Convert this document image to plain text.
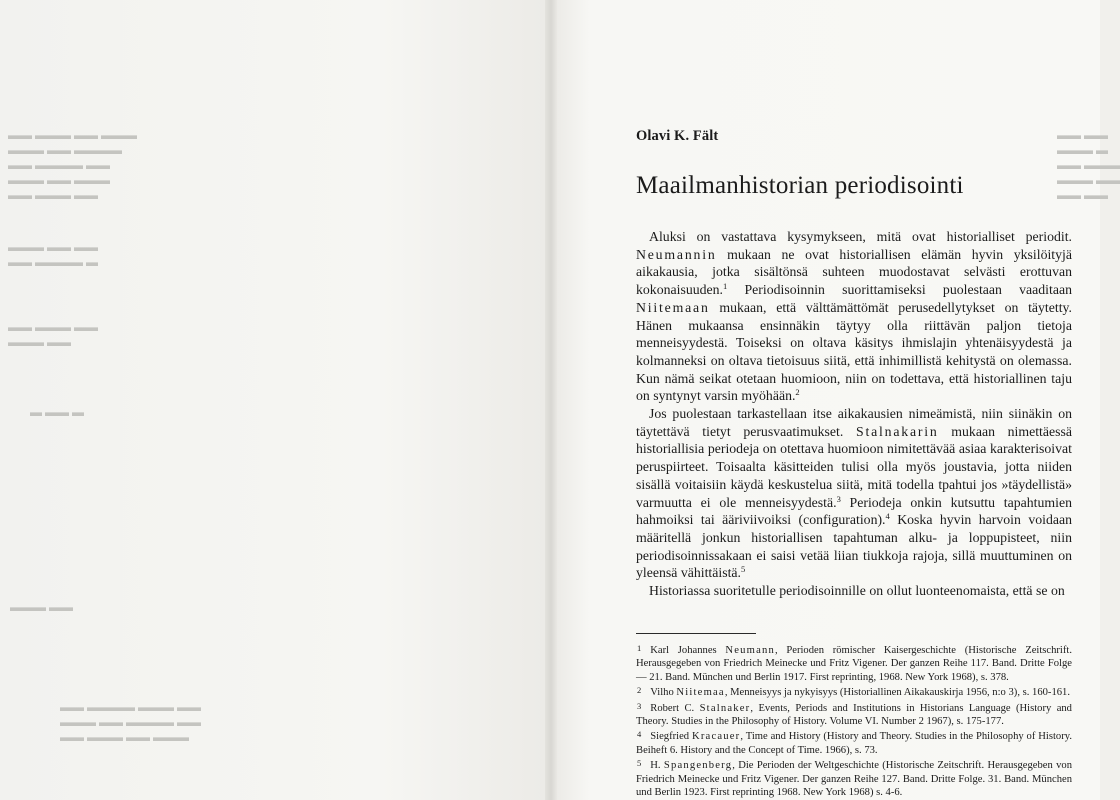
▬▬ ▬▬▬ ▬▬ ▬▬▬
▬▬▬ ▬▬ ▬▬▬▬
▬▬ ▬▬▬▬ ▬▬
▬▬▬ ▬▬ ▬▬▬
▬▬ ▬▬▬ ▬▬
▬▬▬ ▬▬ ▬▬
▬▬ ▬▬▬▬ ▬
▬▬ ▬▬▬ ▬▬
▬▬▬ ▬▬
▬ ▬▬ ▬
▬▬▬ ▬▬
▬▬ ▬▬▬▬ ▬▬▬ ▬▬
▬▬▬ ▬▬ ▬▬▬▬ ▬▬
▬▬ ▬▬▬ ▬▬ ▬▬▬
▬▬ ▬▬
▬▬▬ ▬
▬▬ ▬▬▬
▬▬▬ ▬▬
▬▬ ▬▬
Olavi K. Fält
Maailmanhistorian periodisointi

Aluksi on vastattava kysymykseen, mitä ovat historialliset periodit. Neumannin mukaan ne ovat historiallisen elämän hyvin yksilöityjä aikakausia, jotka sisältönsä suhteen muodostavat selvästi erottuvan kokonaisuuden.$^1$ Periodisoinnin suorittamiseksi puolestaan vaaditaan Niitemaan mukaan, että välttämättömät perusedellytykset on täytetty. Hänen mukaansa ensinnäkin täytyy olla riittävän paljon tietoja menneisyydestä. Toiseksi on oltava käsitys ihmislajin yhtenäisyydestä ja kolmanneksi on oltava tietoisuus siitä, että inhimillistä kehitystä on olemassa. Kun nämä seikat otetaan huomioon, niin on todettava, että historiallinen taju on syntynyt varsin myöhään.$^2$

Jos puolestaan tarkastellaan itse aikakausien nimeämistä, niin siinäkin on täytettävä tietyt perusvaatimukset. Stalnakarin mukaan nimettäessä historiallisia periodeja on otettava huomioon nimitettävää asiaa karakterisoivat peruspiirteet. Toisaalta käsitteiden tulisi olla myös joustavia, jotta niiden sisällä voitaisiin käydä keskustelua siitä, mitä todella tpahtui jos »täydellistä» varmuutta ei ole menneisyydestä.$^3$ Periodeja onkin kutsuttu tapahtumien hahmoiksi tai ääriviivoiksi (configuration).$^4$ Koska hyvin harvoin voidaan määritellä jonkun historiallisen tapahtuman alku- ja loppupisteet, niin periodisoinnissakaan ei saisi vetää liian tiukkoja rajoja, sillä muuttuminen on yleensä vähittäistä.$^5$

Historiassa suoritetulle periodisoinnille on ollut luonteenomaista, että se on

1 Karl Johannes Neumann, Perioden römischer Kaisergeschichte (Historische Zeitschrift. Herausgegeben von Friedrich Meinecke und Fritz Vigener. Der ganzen Reihe 117. Band. Dritte Folge — 21. Band. München und Berlin 1917. First reprinting, 1968. New York 1968), s. 378.

2 Vilho Niitemaa, Menneisyys ja nykyisyys (Historiallinen Aikakauskirja 1956, n:o 3), s. 160-161.

3 Robert C. Stalnaker, Events, Periods and Institutions in Historians Language (History and Theory. Studies in the Philosophy of History. Volume VI. Number 2 1967), s. 175-177.

4 Siegfried Kracauer, Time and History (History and Theory. Studies in the Philosophy of History. Beiheft 6. History and the Concept of Time. 1966), s. 73.

5 H. Spangenberg, Die Perioden der Weltgeschichte (Historische Zeitschrift. Herausgegeben von Friedrich Meinecke und Fritz Vigener. Der ganzen Reihe 127. Band. Dritte Folge. 31. Band. München und Berlin 1923. First reprinting 1968. New York 1968) s. 4-6.
